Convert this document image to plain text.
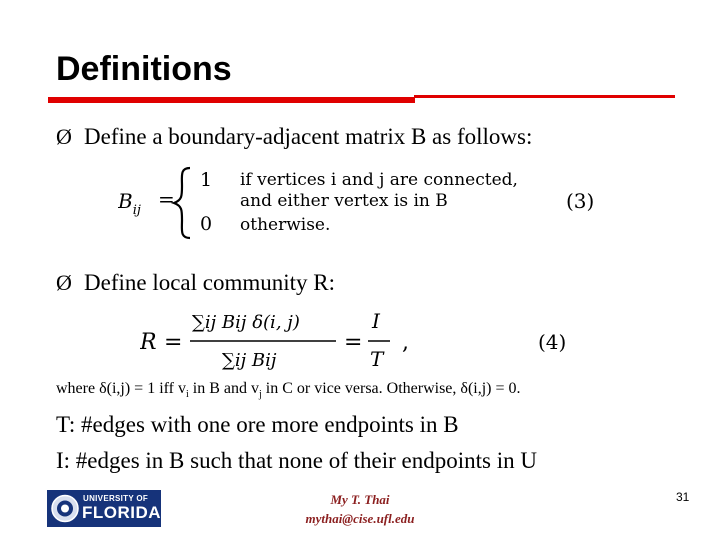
Definitions
Ø Define a boundary-adjacent matrix B as follows:
$B_{ij}$ =
1 if vertices i and j are connected,
and either vertex is in B
0 otherwise.
(3)
Ø Define local community R:
R =
∑ij Bij δ(i, j)
∑ij Bij
=
I
T
,	(4)
where δ(i,j) = 1 iff $v_i$ in B and $v_j$ in C or vice versa. Otherwise, δ(i,j) = 0.
T: #edges with one ore more endpoints in B
I: #edges in B such that none of their endpoints in U
UNIVERSITY OF
FLORIDA
My T. Thai
mythai@cise.ufl.edu
31
